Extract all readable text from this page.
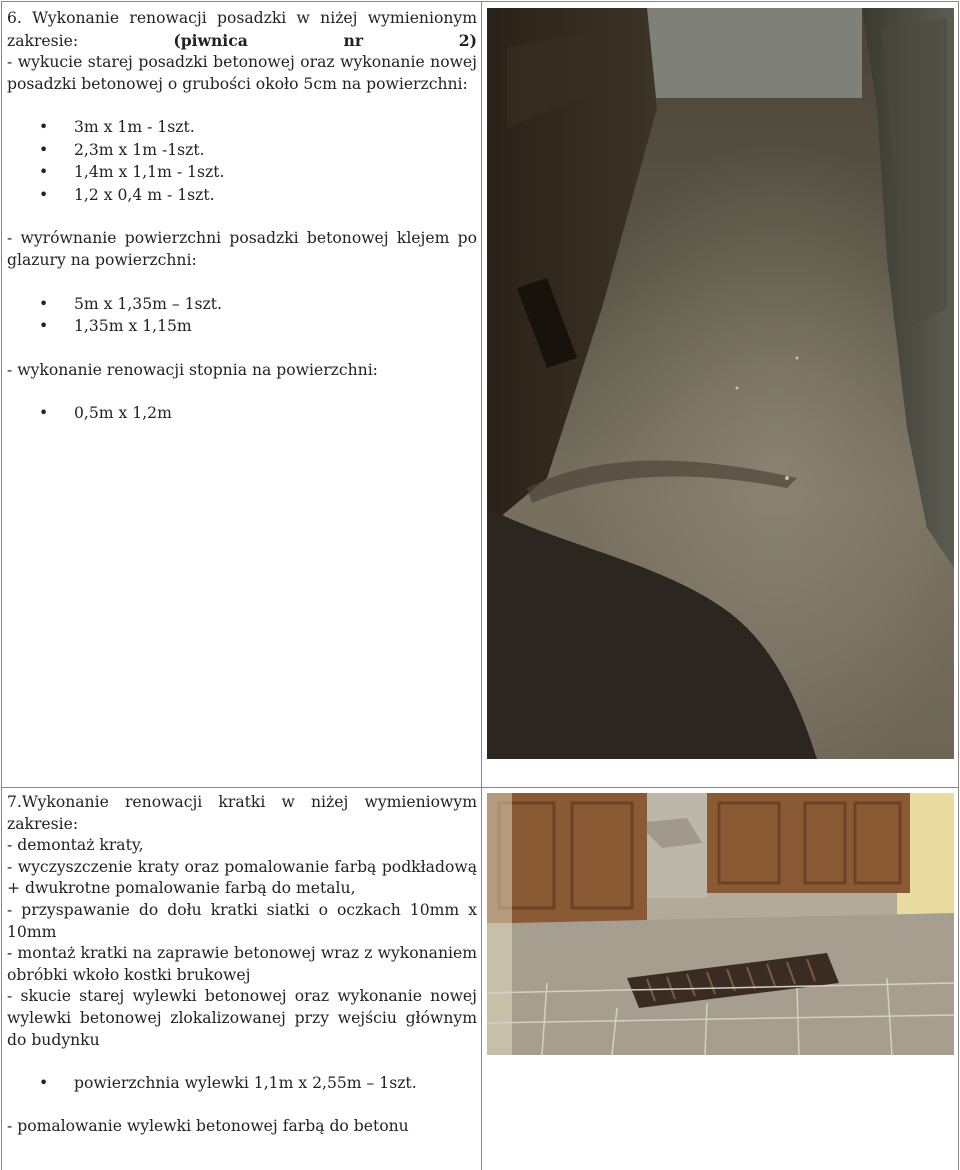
6. Wykonanie renowacji posadzki w niżej wymienionym zakresie: (piwnica nr 2)

- wykucie starej posadzki betonowej oraz wykonanie nowej posadzki betonowej o grubości około 5cm na powierzchni:

• 3m x 1m - 1szt.
• 2,3m x 1m -1szt.
• 1,4m x 1,1m - 1szt.
• 1,2 x 0,4 m - 1szt.

- wyrównanie powierzchni posadzki betonowej klejem po glazury na powierzchni:

• 5m x 1,35m – 1szt.
• 1,35m x 1,15m

- wykonanie renowacji stopnia na powierzchni:

• 0,5m x 1,2m

7.Wykonanie renowacji kratki w niżej wymieniowym zakresie:

- demontaż kraty,

- wyczyszczenie kraty oraz pomalowanie farbą podkładową + dwukrotne pomalowanie farbą do metalu,

- przyspawanie do dołu kratki siatki o oczkach 10mm x 10mm

- montaż kratki na zaprawie betonowej wraz z wykonaniem obróbki wkoło kostki brukowej

- skucie starej wylewki betonowej oraz wykonanie nowej wylewki betonowej zlokalizowanej przy wejściu głównym do budynku

• powierzchnia wylewki 1,1m x 2,55m – 1szt.

- pomalowanie wylewki betonowej farbą do betonu
